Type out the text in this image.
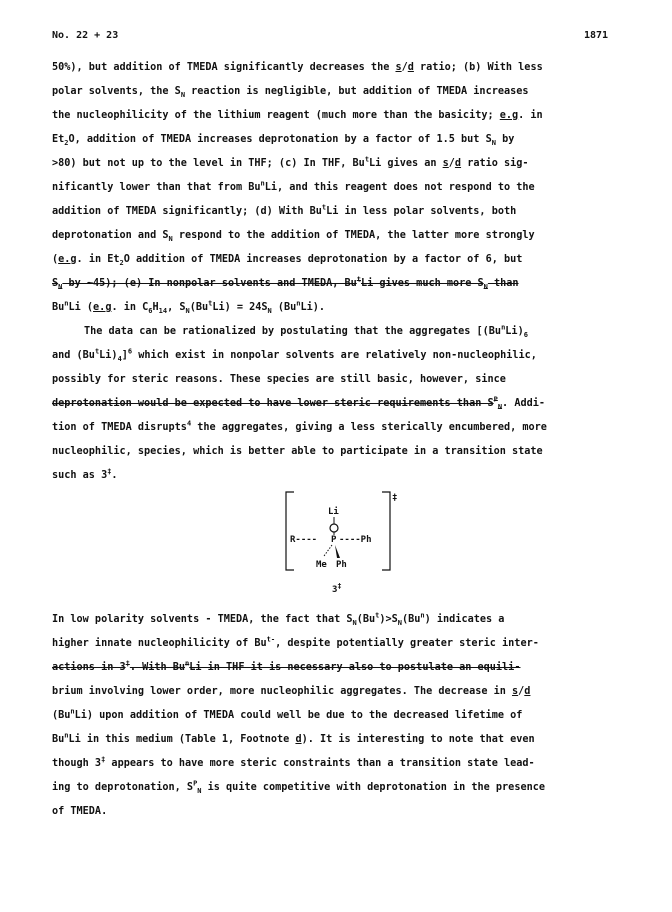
No. 22 + 23	1871
50%), but addition of TMEDA significantly decreases the s/d ratio; (b) With less
polar solvents, the $S_N$ reaction is negligible, but addition of TMEDA increases
the nucleophilicity of the lithium reagent (much more than the basicity; e.g. in
$Et_2O$, addition of TMEDA increases deprotonation by a factor of 1.5 but $S_N$ by
>80) but not up to the level in THF; (c) In THF, Bu$^t$Li gives an s/d ratio sig-
nificantly lower than that from Bu$^n$Li, and this reagent does not respond to the
addition of TMEDA significantly; (d) With Bu$^t$Li in less polar solvents, both
deprotonation and $S_N$ respond to the addition of TMEDA, the latter more strongly
(e.g. in $Et_2O$ addition of TMEDA increases deprotonation by a factor of 6, but
$S_N$ by ~45); (e) In nonpolar solvents and TMEDA, Bu$^t$Li gives much more $S_N$ than
Bu$^n$Li (e.g. in $C_6H_{14}$, $S_N(Bu^tLi) = 24S_N$ (Bu$^n$Li).
The data can be rationalized by postulating that the aggregates [$(Bu^nLi)_6$
and $(Bu^tLi)_4]^6$ which exist in nonpolar solvents are relatively non-nucleophilic,
possibly for steric reasons. These species are still basic, however, since
deprotonation would be expected to have lower steric requirements than $S^P_N$. Addi-
tion of TMEDA disrupts$^4$ the aggregates, giving a less sterically encumbered, more
nucleophilic, species, which is better able to participate in a transition state
such as 3‡.
‡
Li
R---- P ----Ph
Me Ph
3‡
In low polarity solvents - TMEDA, the fact that $S_N(Bu^t)>S_N(Bu^n)$ indicates a
higher innate nucleophilicity of $Bu^{t-}$, despite potentially greater steric inter-
actions in 3‡. With Bu$^n$Li in THF it is necessary also to postulate an equili-
brium involving lower order, more nucleophilic aggregates. The decrease in s/d
(Bu$^n$Li) upon addition of TMEDA could well be due to the decreased lifetime of
Bu$^n$Li in this medium (Table 1, Footnote d). It is interesting to note that even
though 3‡ appears to have more steric constraints than a transition state lead-
ing to deprotonation, $S^P_N$ is quite competitive with deprotonation in the presence
of TMEDA.
